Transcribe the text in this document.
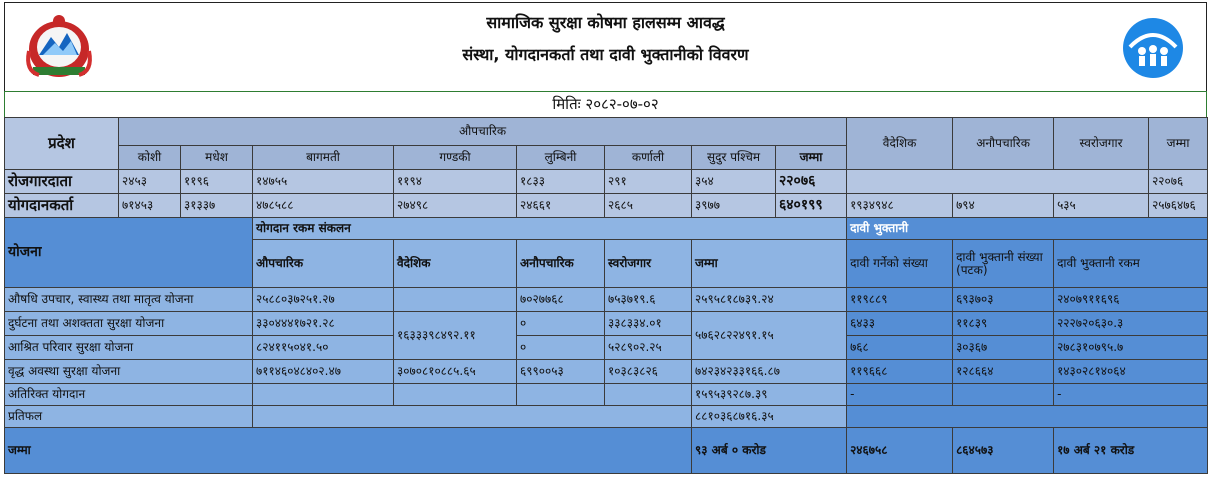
सामाजिक सुरक्षा कोषमा हालसम्म आवद्ध
संस्था, योगदानकर्ता तथा दावी भुक्तानीको विवरण
मितिः २०८२-०७-०२
प्रदेश	औपचारिक								वैदेशिक	अनौपचारिक	स्वरोजगार	जम्मा
	कोशी	मधेश	बागमती	गण्डकी	लुम्बिनी	कर्णाली	सुदुर पश्चिम	जम्मा				
रोजगारदाता	२४५३	११९६	१४७५५	११९४	१८३३	२९१	३५४	२२०७६				२२०७६
योगदानकर्ता	७१४५३	३१३३७	४७८५८८	२७४९८	२४६६१	२६८५	३९७७	६४०१९९	१९३४९४८	७९४	५३५	२५७६४७६
योजना			योगदान रकम संकलन						दावी भुक्तानी			
			औपचारिक	वैदेशिक	अनौपचारिक	स्वरोजगार	जम्मा		दावी गर्नेको संख्या	दावी भुक्तानी संख्या (पटक)	दावी भुक्तानी रकम	
औषधि उपचार, स्वास्थ्य तथा मातृत्व योजना			२५८८०३७२५१.२७		७०२७७६८	७५३७१९.६	२५९५८१८७३९.२४		११९८८९	६९३७०३	२४०७९११६९६	
दुर्घटना तथा अशक्तता सुरक्षा योजना			३३०४४४१७२१.२८	१६३३३९८४९२.११	०	३३८३३४.०१	५७६२८२२४९१.१५		६४३३	११८३९	२२२७२०६३०.३	
आश्रित परिवार सुरक्षा योजना			८२४११५०४१.५०		०	५२८९०२.२५			७६८	३०३६७	२७८३१०७९५.७	
वृद्ध अवस्था सुरक्षा योजना			७११४६०४८४०२.४७	३०७०८१०८८५.६५	६९९००५३	१०३८३८२६	७४२३४२३३१६६.८७		११९६६८	१२८६६४	१४३०२८१४०६४	
अतिरिक्त योगदान							१५९५३९२८७.३९		-		-	
प्रतिफल							८८१०३६८७१६.३५					
जम्मा							९३ अर्ब ० करोड		२४६७५८	८६४५७३	१७ अर्ब २१ करोड	
